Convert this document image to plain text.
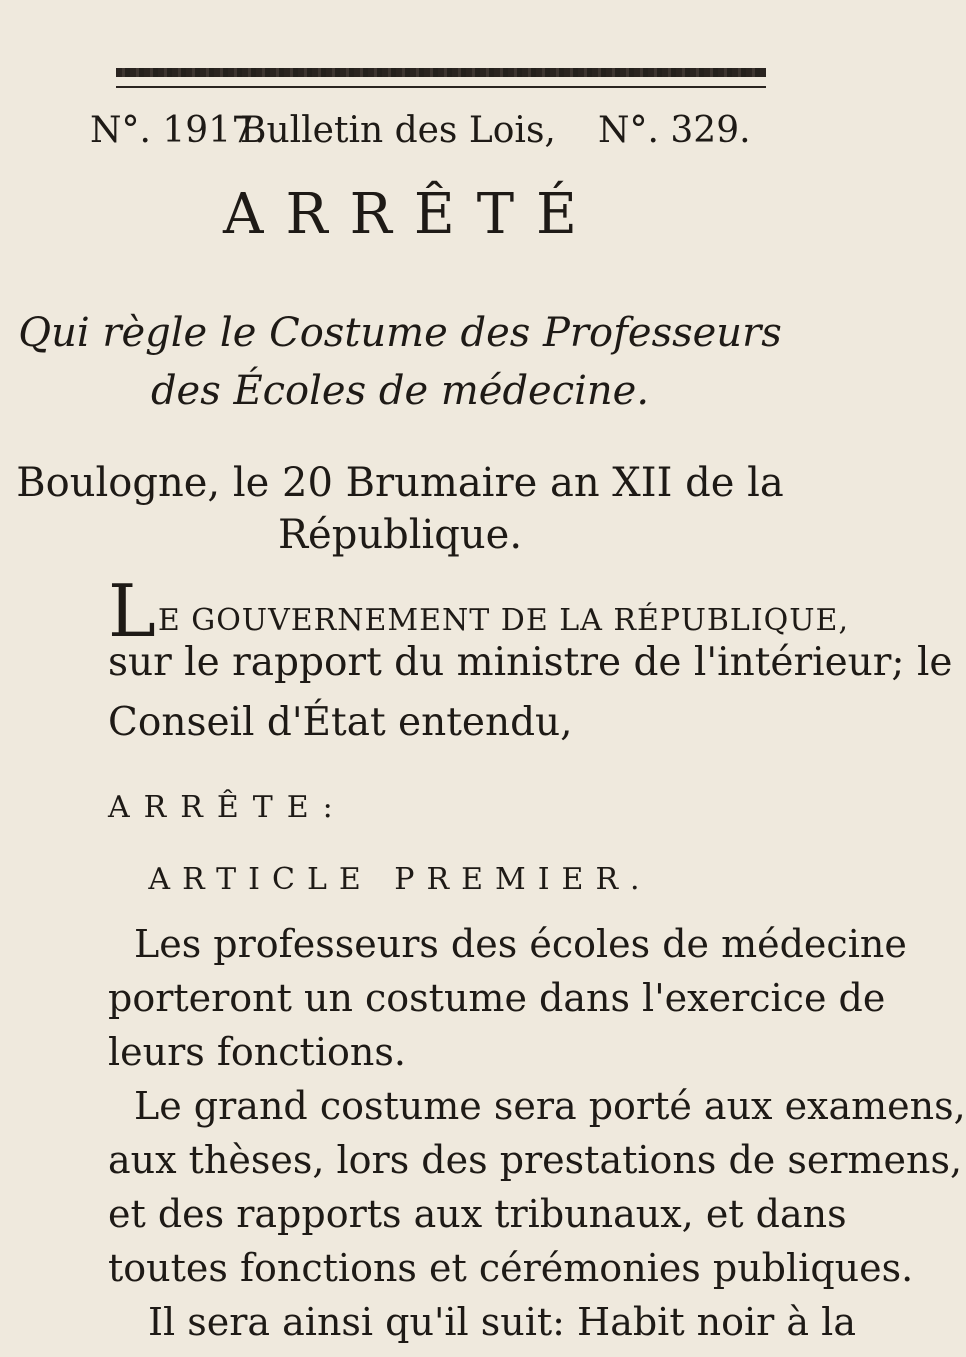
N°. 1917.
Bulletin des Lois, N°. 329.
ARRÊTÉ
Qui règle le Costume des Professeurs
des Écoles de médecine.
Boulogne, le 20 Brumaire an XII de la
République.
LE GOUVERNEMENT DE LA RÉPUBLIQUE,
sur le rapport du ministre de l'intérieur; le
Conseil d'État entendu,
ARRÊTE:
ARTICLE PREMIER.
Les professeurs des écoles de médecine
porteront un costume dans l'exercice de
leurs fonctions.
Le grand costume sera porté aux examens,
aux thèses, lors des prestations de sermens,
et des rapports aux tribunaux, et dans
toutes fonctions et cérémonies publiques.
Il sera ainsi qu'il suit: Habit noir à la
